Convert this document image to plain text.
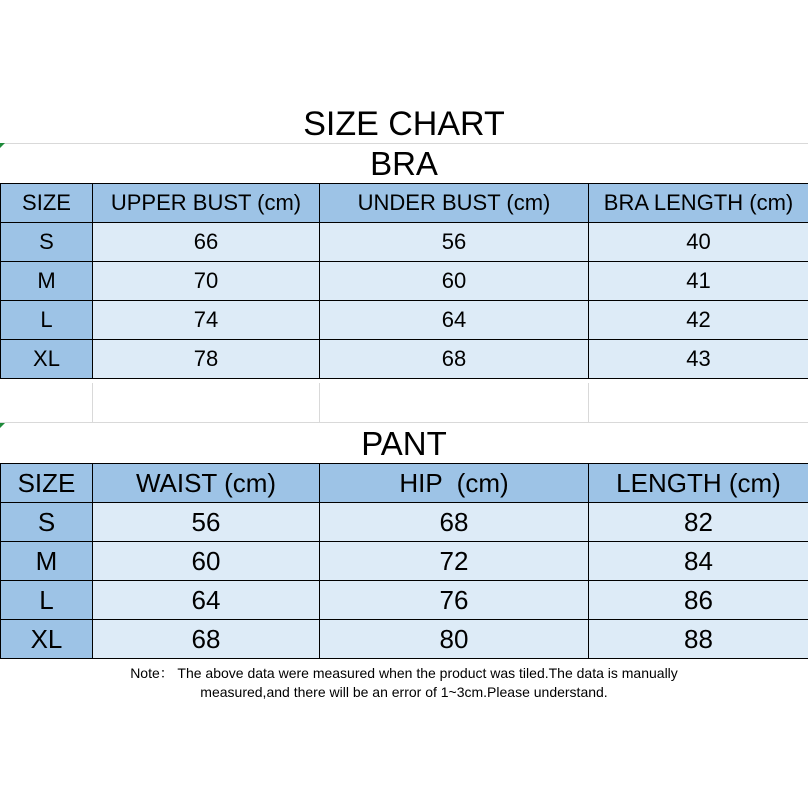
SIZE CHART
BRA
SIZE	UPPER BUST (cm)	UNDER BUST (cm)	BRA LENGTH (cm)
S	66	56	40
M	70	60	41
L	74	64	42
XL	78	68	43
PANT
SIZE	WAIST (cm)	HIP  (cm)	LENGTH (cm)
S	56	68	82
M	60	72	84
L	64	76	86
XL	68	80	88
Note： The above data were measured when the product was tiled.The data is manually
measured,and there will be an error of 1~3cm.Please understand.
